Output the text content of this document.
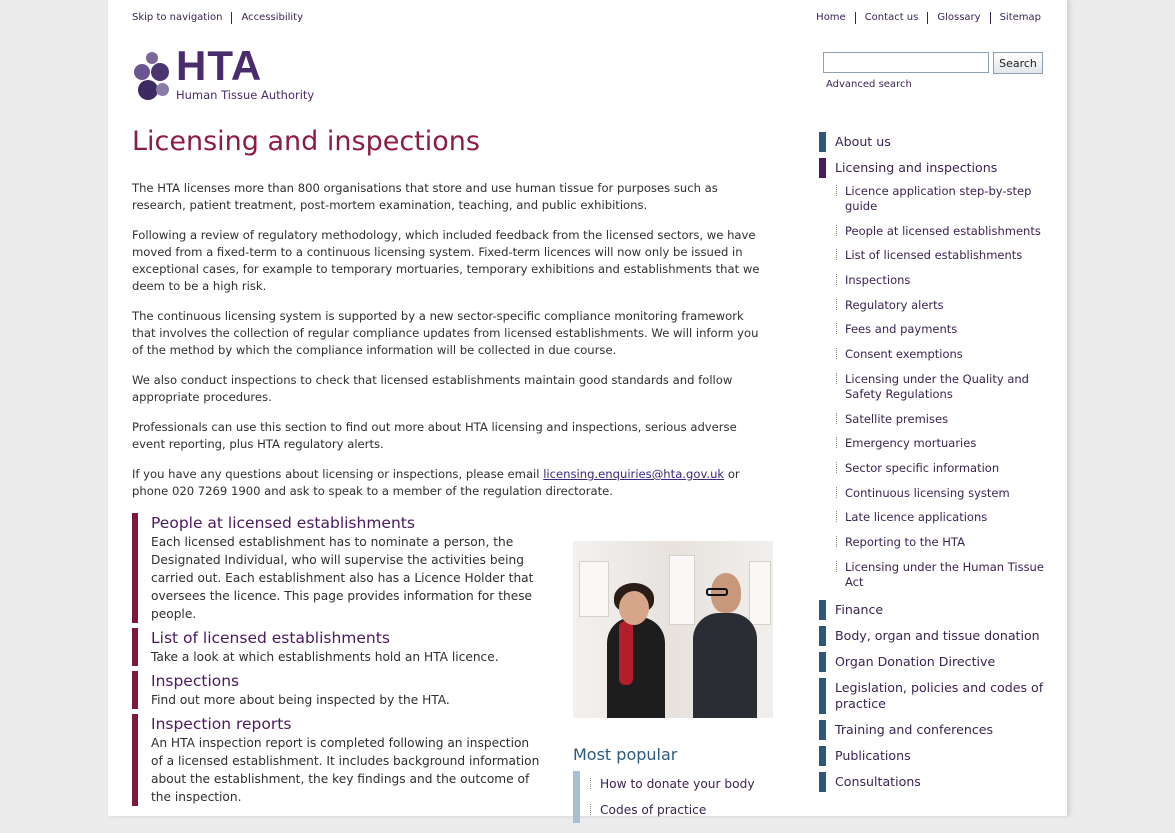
Skip to navigation	Accessibility	Home	Contact us	Glossary	Sitemap
HTA
Human Tissue Authority
Search
Advanced search
Licensing and inspections

The HTA licenses more than 800 organisations that store and use human tissue for purposes such as research, patient treatment, post-mortem examination, teaching, and public exhibitions.

Following a review of regulatory methodology, which included feedback from the licensed sectors, we have moved from a fixed-term to a continuous licensing system. Fixed-term licences will now only be issued in exceptional cases, for example to temporary mortuaries, temporary exhibitions and establishments that we deem to be a high risk.

The continuous licensing system is supported by a new sector-specific compliance monitoring framework that involves the collection of regular compliance updates from licensed establishments. We will inform you of the method by which the compliance information will be collected in due course.

We also conduct inspections to check that licensed establishments maintain good standards and follow appropriate procedures.

Professionals can use this section to find out more about HTA licensing and inspections, serious adverse event reporting, plus HTA regulatory alerts.

If you have any questions about licensing or inspections, please email licensing.enquiries@hta.gov.uk or phone 020 7269 1900 and ask to speak to a member of the regulation directorate.

People at licensed establishments
Each licensed establishment has to nominate a person, the Designated Individual, who will supervise the activities being carried out. Each establishment also has a Licence Holder that oversees the licence. This page provides information for these people.
List of licensed establishments
Take a look at which establishments hold an HTA licence.
Inspections
Find out more about being inspected by the HTA.
Inspection reports
An HTA inspection report is completed following an inspection of a licensed establishment. It includes background information about the establishment, the key findings and the outcome of the inspection.
Most popular
How to donate your body
Codes of practice
About us
Licensing and inspections
Licence application step-by-step guide
People at licensed establishments
List of licensed establishments
Inspections
Regulatory alerts
Fees and payments
Consent exemptions
Licensing under the Quality and Safety Regulations
Satellite premises
Emergency mortuaries
Sector specific information
Continuous licensing system
Late licence applications
Reporting to the HTA
Licensing under the Human Tissue Act
Finance
Body, organ and tissue donation
Organ Donation Directive
Legislation, policies and codes of practice
Training and conferences
Publications
Consultations
